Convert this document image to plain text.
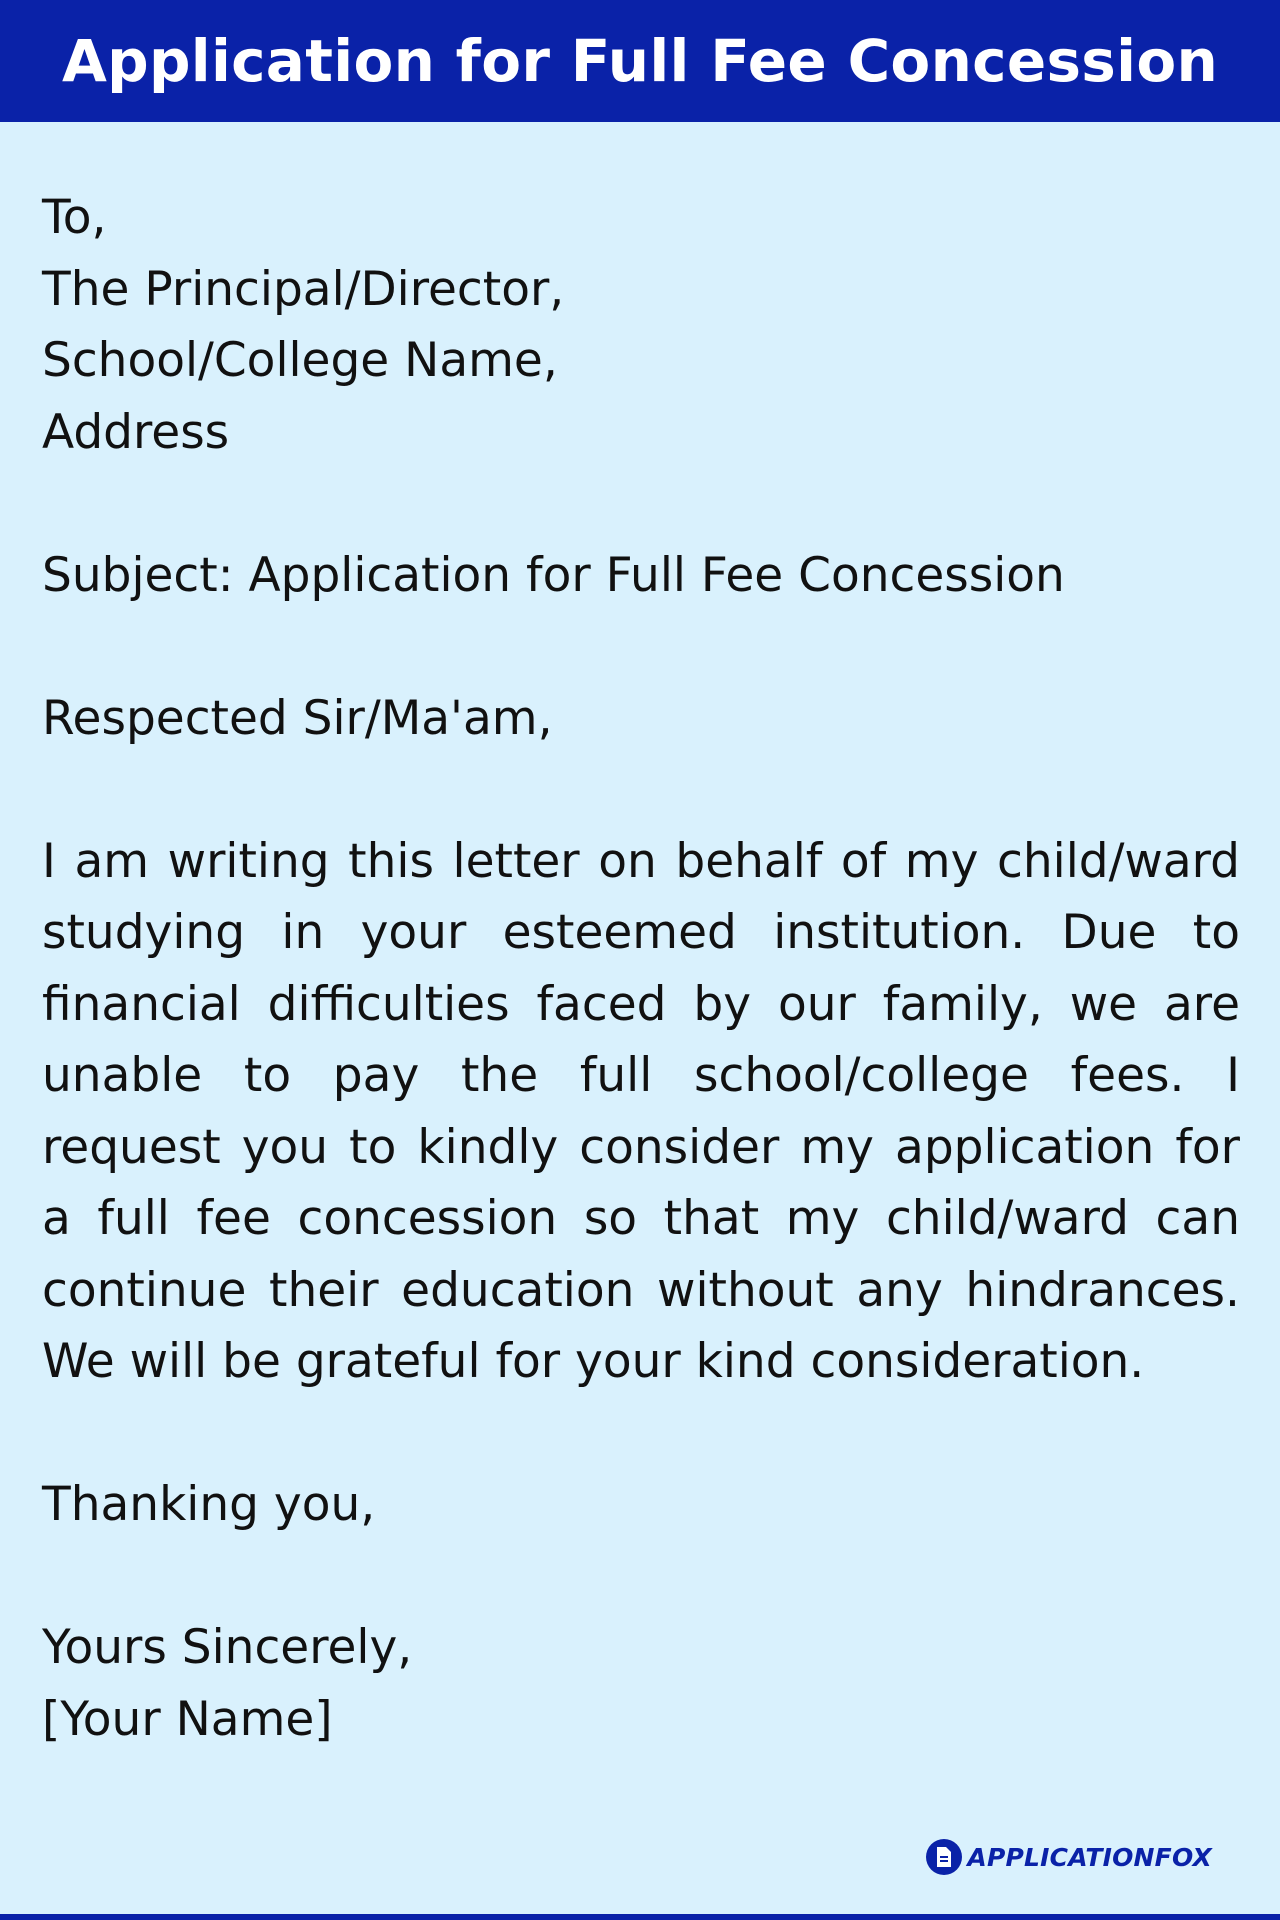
Application for Full Fee Concession

To,

The Principal/Director,

School/College Name,

Address

Subject: Application for Full Fee Concession

Respected Sir/Ma'am,

I am writing this letter on behalf of my child/ward studying in your esteemed institution. Due to financial difficulties faced by our family, we are unable to pay the full school/college fees. I request you to kindly consider my application for a full fee concession so that my child/ward can continue their education without any hindrances. We will be grateful for your kind consideration.

Thanking you,

Yours Sincerely,

[Your Name]

APPLICATIONFOX
